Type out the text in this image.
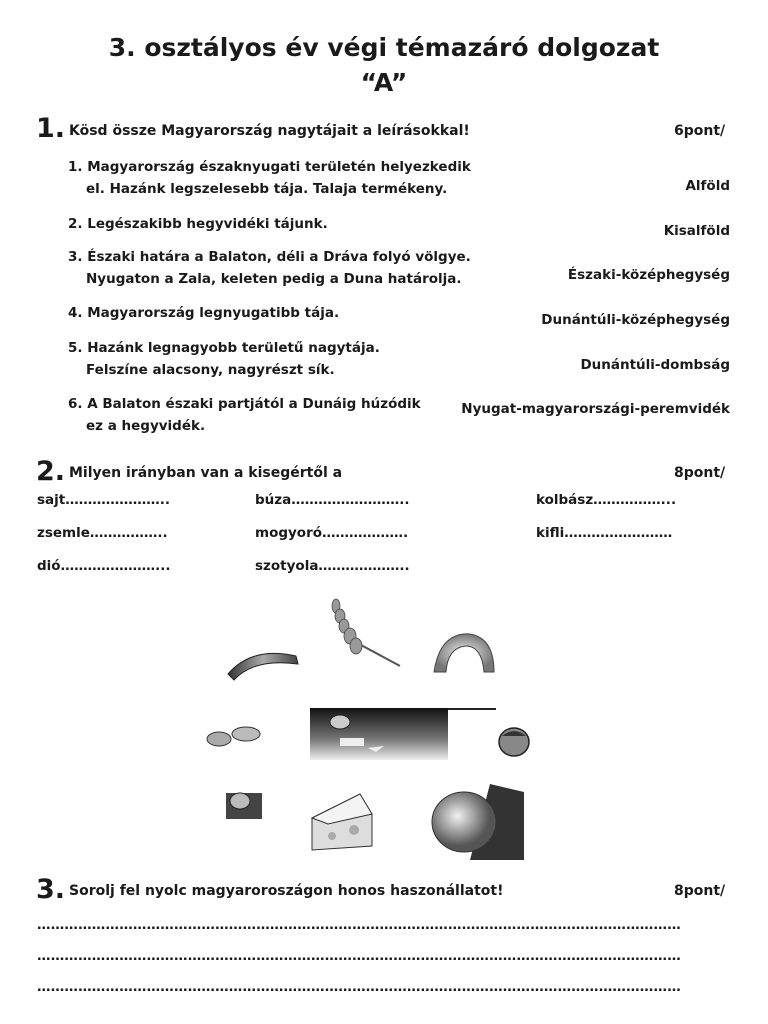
3. osztályos év végi témazáró dolgozat
“A”
1. Kösd össze Magyarország nagytájait a leírásokkal!	6pont/
1. Magyarország északnyugati területén helyezkedik
el. Hazánk legszelesebb tája. Talaja termékeny.
2. Legészakibb hegyvidéki tájunk.
3. Északi határa a Balaton, déli a Dráva folyó völgye.
Nyugaton a Zala, keleten pedig a Duna határolja.
4. Magyarország legnyugatibb tája.
5. Hazánk legnagyobb területű nagytája.
Felszíne alacsony, nagyrészt sík.
6. A Balaton északi partjától a Dunáig húzódik
ez a hegyvidék.
Alföld
Kisalföld
Északi-középhegység
Dunántúli-középhegység
Dunántúli-dombság
Nyugat-magyarországi-peremvidék
2. Milyen irányban van a kisegértől a	8pont/
sajt…………………..	búza……………………..	kolbász……………...
zsemle……………..	mogyoró……………….	kifli……………………
dió…………………...	szotyola………………..
3. Sorolj fel nyolc magyaroroszágon honos haszonállatot!	8pont/
……………………………………………………………………………………………………………………………
……………………………………………………………………………………………………………………………
……………………………………………………………………………………………………………………………
